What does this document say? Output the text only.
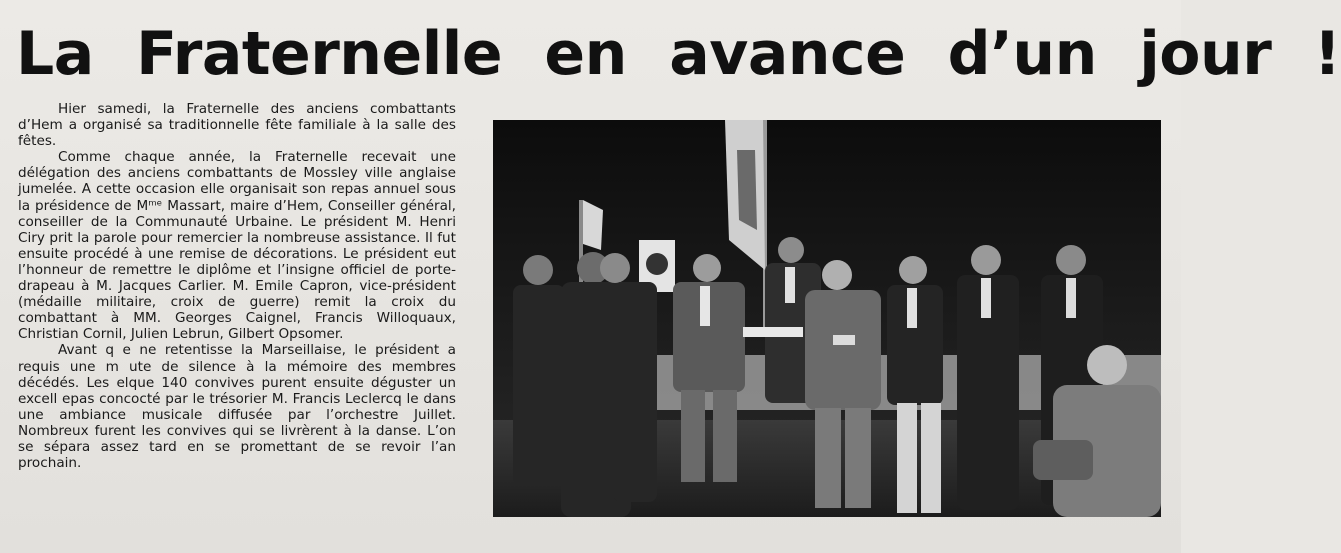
La Fraternelle en avance d’un jour !

Hier samedi, la Fraternelle des anciens combattants d’Hem a organisé sa traditionnelle fête familiale à la salle des fêtes.

Comme chaque année, la Fraternelle recevait une délégation des anciens combattants de Mossley ville anglaise jumelée. A cette occasion elle organisait son repas annuel sous la présidence de Mᵐᵉ Massart, maire d’Hem, Conseiller général, conseiller de la Communauté Urbaine. Le président M. Henri Ciry prit la parole pour remercier la nombreuse assistance. Il fut ensuite procédé à une remise de décorations. Le président eut l’honneur de remettre le diplôme et l’insigne officiel de porte-drapeau à M. Jacques Carlier. M. Emile Capron, vice-président (médaille militaire, croix de guerre) remit la croix du combattant à MM. Georges Caignel, Francis Willoquaux, Christian Cornil, Julien Lebrun, Gilbert Opsomer.

Avant q e ne retentisse la Marseillaise, le président a requis une m ute de silence à la mémoire des membres décédés. Les elque 140 convives purent ensuite déguster un excell epas concocté par le trésorier M. Francis Leclercq le dans une ambiance musicale diffusée par l’orchestre Juillet. Nombreux furent les convives qui se livrèrent à la danse. L’on se sépara assez tard en se promettant de se revoir l’an prochain.
